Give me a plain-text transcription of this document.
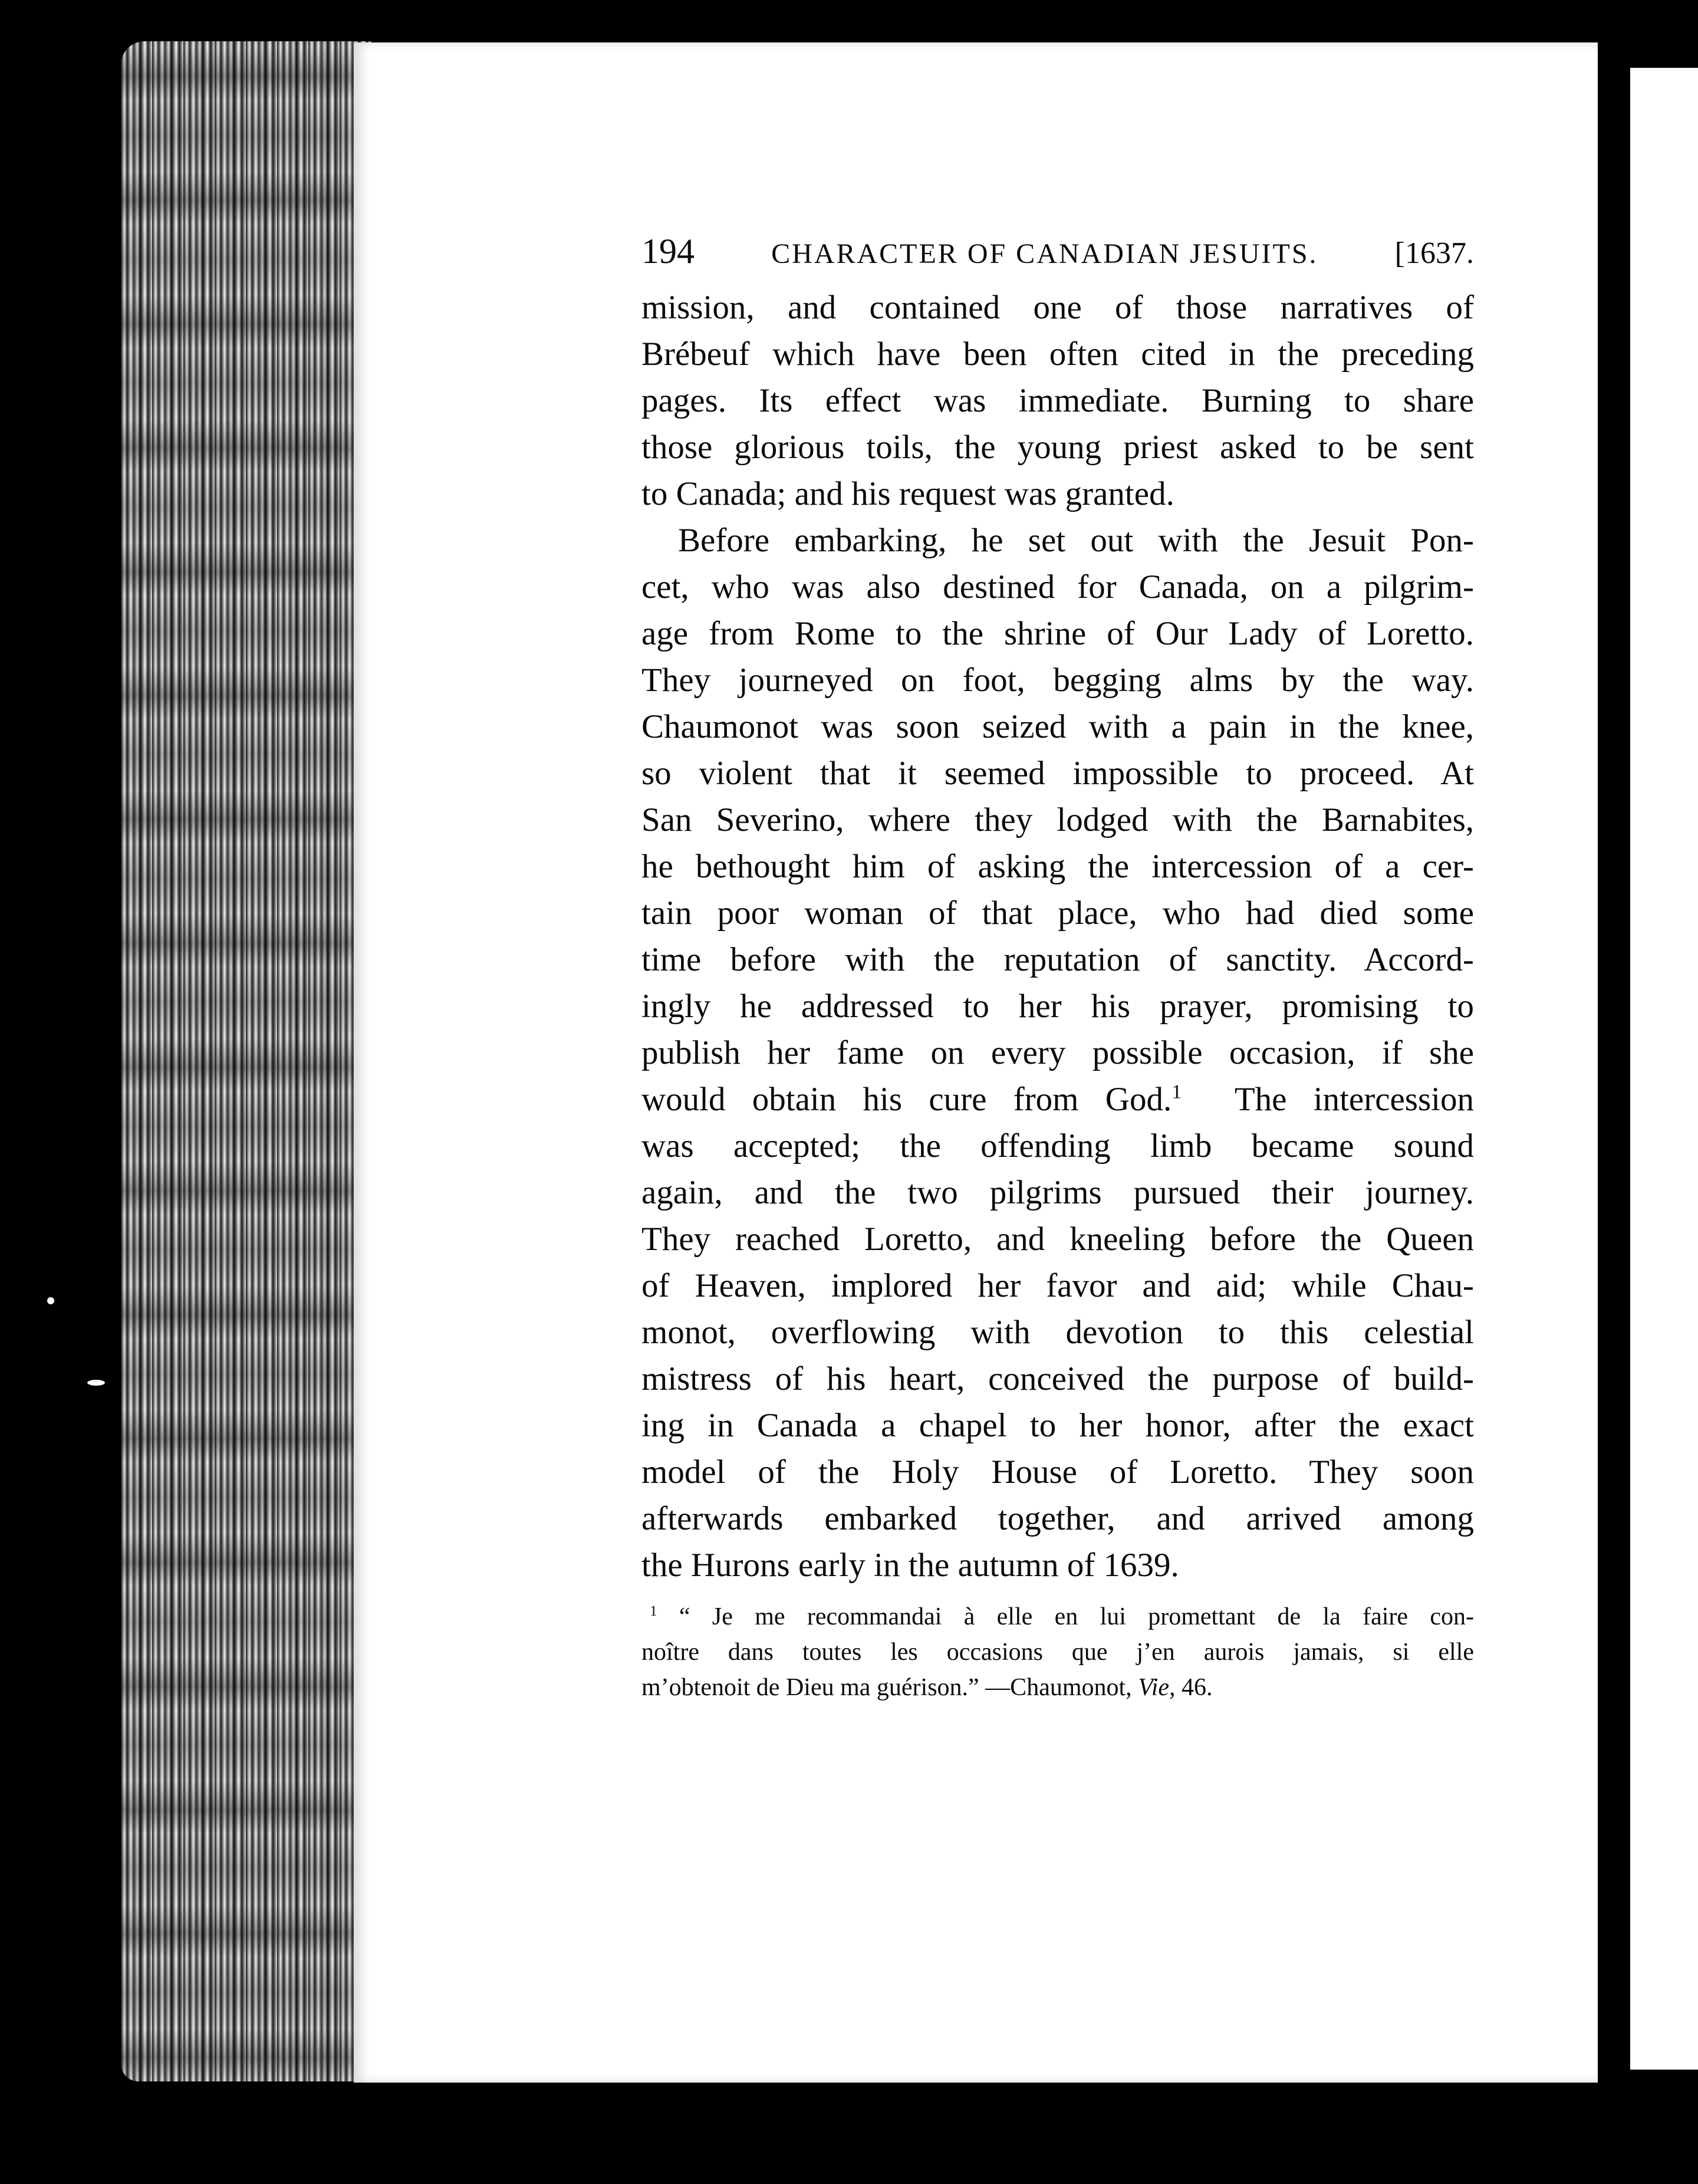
194	CHARACTER OF CANADIAN JESUITS.	[1637.
mission, and contained one of those narratives of
Brébeuf which have been often cited in the preceding
pages. Its effect was immediate. Burning to share
those glorious toils, the young priest asked to be sent
to Canada; and his request was granted.
Before embarking, he set out with the Jesuit Pon-
cet, who was also destined for Canada, on a pilgrim-
age from Rome to the shrine of Our Lady of Loretto.
They journeyed on foot, begging alms by the way.
Chaumonot was soon seized with a pain in the knee,
so violent that it seemed impossible to proceed. At
San Severino, where they lodged with the Barnabites,
he bethought him of asking the intercession of a cer-
tain poor woman of that place, who had died some
time before with the reputation of sanctity. Accord-
ingly he addressed to her his prayer, promising to
publish her fame on every possible occasion, if she
would obtain his cure from God.$^1$  The intercession
was accepted; the offending limb became sound
again, and the two pilgrims pursued their journey.
They reached Loretto, and kneeling before the Queen
of Heaven, implored her favor and aid; while Chau-
monot, overflowing with devotion to this celestial
mistress of his heart, conceived the purpose of build-
ing in Canada a chapel to her honor, after the exact
model of the Holy House of Loretto. They soon
afterwards embarked together, and arrived among
the Hurons early in the autumn of 1639.
$^1$ “ Je me recommandai à elle en lui promettant de la faire con-
noître dans toutes les occasions que j’en aurois jamais, si elle
m’obtenoit de Dieu ma guérison.” —Chaumonot, Vie, 46.
